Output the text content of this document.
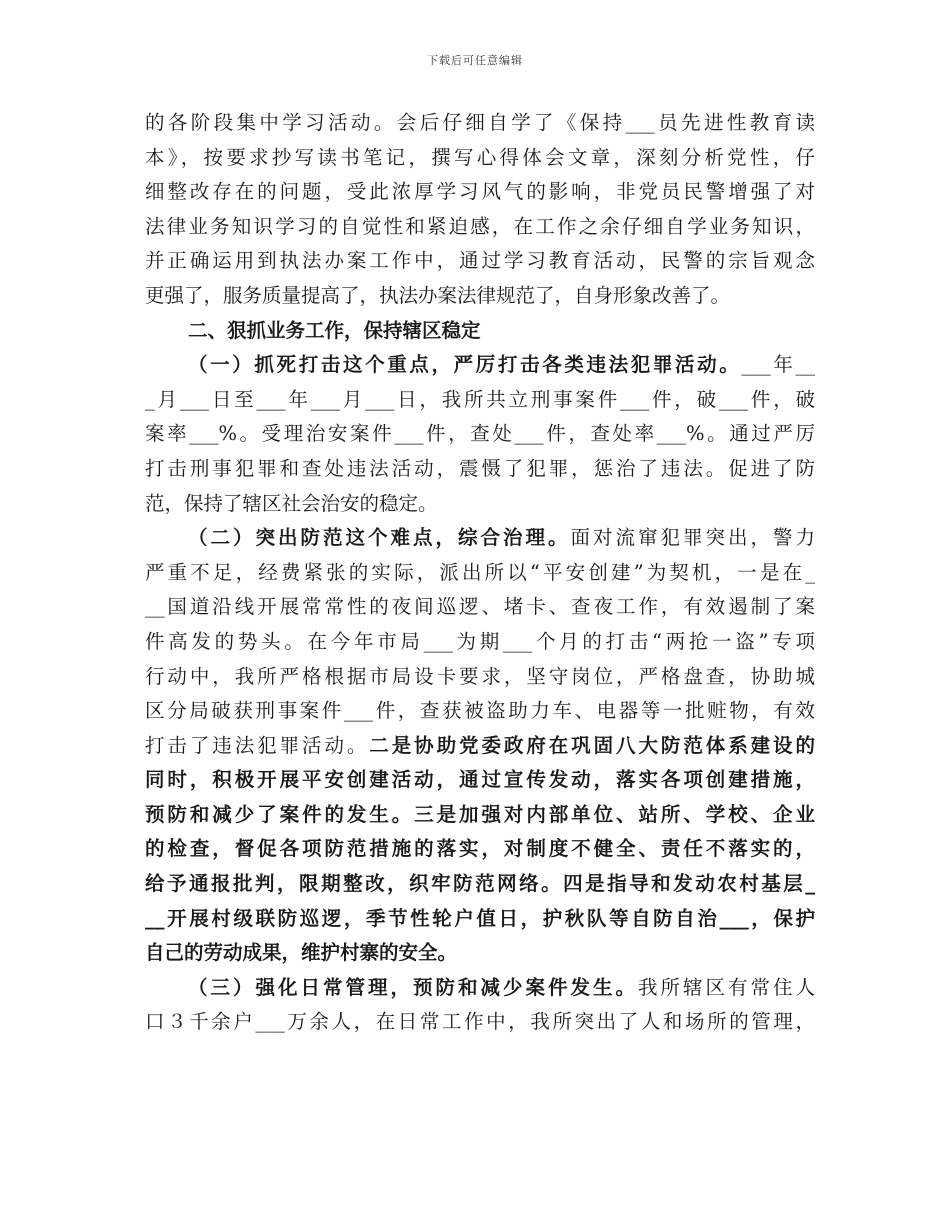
下载后可任意编辑
的各阶段集中学习活动。会后仔细自学了《保持___员先进性教育读
本》，按要求抄写读书笔记，撰写心得体会文章，深刻分析党性，仔
细整改存在的问题，受此浓厚学习风气的影响，非党员民警增强了对
法律业务知识学习的自觉性和紧迫感，在工作之余仔细自学业务知识，
并正确运用到执法办案工作中，通过学习教育活动，民警的宗旨观念
更强了，服务质量提高了，执法办案法律规范了，自身形象改善了。
二、狠抓业务工作，保持辖区稳定
（一）抓死打击这个重点，严厉打击各类违法犯罪活动。___年__
_月___日至___年___月___日，我所共立刑事案件___件，破___件，破
案率___%。受理治安案件___件，查处___件，查处率___%。通过严厉
打击刑事犯罪和查处违法活动，震慑了犯罪，惩治了违法。促进了防
范，保持了辖区社会治安的稳定。
（二）突出防范这个难点，综合治理。面对流窜犯罪突出，警力
严重不足，经费紧张的实际，派出所以“平安创建”为契机，一是在_
__国道沿线开展常常性的夜间巡逻、堵卡、查夜工作，有效遏制了案
件高发的势头。在今年市局___为期___个月的打击“两抢一盗”专项
行动中，我所严格根据市局设卡要求，坚守岗位，严格盘查，协助城
区分局破获刑事案件___件，查获被盗助力车、电器等一批赃物，有效
打击了违法犯罪活动。二是协助党委政府在巩固八大防范体系建设的
同时，积极开展平安创建活动，通过宣传发动，落实各项创建措施，
预防和减少了案件的发生。三是加强对内部单位、站所、学校、企业
的检查，督促各项防范措施的落实，对制度不健全、责任不落实的，
给予通报批判，限期整改，织牢防范网络。四是指导和发动农村基层_
__开展村级联防巡逻，季节性轮户值日，护秋队等自防自治___，保护
自己的劳动成果，维护村寨的安全。
（三）强化日常管理，预防和减少案件发生。我所辖区有常住人
口３千余户___万余人，在日常工作中，我所突出了人和场所的管理，
